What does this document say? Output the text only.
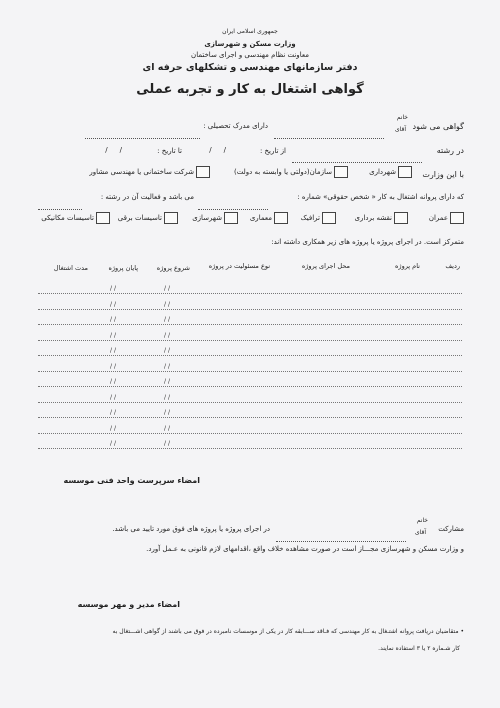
جمهوری اسلامی ایران
وزارت مسکن و شهرسازی
معاونت نظام مهندسی و اجرای ساختمان
دفتر سازمانهای مهندسی و تشکلهای حرفه ای
گواهی اشتغال به کار و تجربه عملی
گواهی می شود
خانم
آقای
دارای مدرک تحصیلی :
در رشته
از تاریخ :
//
تا تاریخ :
//
با این وزارت
شهرداری
سازمان(دولتی یا وابسته به دولت)
شرکت ساختمانی یا مهندسی مشاور
که دارای پروانه اشتغال به کار « شخص حقوقی» شماره :
می باشد و فعالیت آن در رشته :
عمران
نقشه برداری
ترافیک
معماری
شهرسازی
تاسیسات برقی
تاسیسات مکانیکی
متمرکز است. در اجرای پروژه یا پروژه های زیر همکاری داشته اند:
ردیف
نام پروژه
محل اجرای پروژه
نوع مسئولیت در پروژه
شروع پروژه
پایان پروژه
مدت اشتغال
/ /
/ /
/ /
/ /
/ /
/ /
/ /
/ /
/ /
/ /
/ /
/ /
/ /
/ /
/ /
/ /
/ /
/ /
/ /
/ /
/ /
/ /
امضاء سرپرست واحد فنی موسسه
مشارکت
خانم
آقای
در اجرای پروژه یا پروژه های فوق مورد تایید می باشد.
و وزارت مسکن و شهرسازی مجـــاز است در صورت مشاهده خلاف واقع ،اقدامهای لازم قانونی به عـمل آورد.
امضاء مدیر و مهر موسسه
• متقاضیان دریافت پروانه اشتـغال به کار مهندسی که فـاقد ســـابقه کار در یکی از موسسات نامبرده در فوق می باشند از گواهی اشـــتغال به
کار شـماره ۲ یا ۳ استفاده نمایند.
